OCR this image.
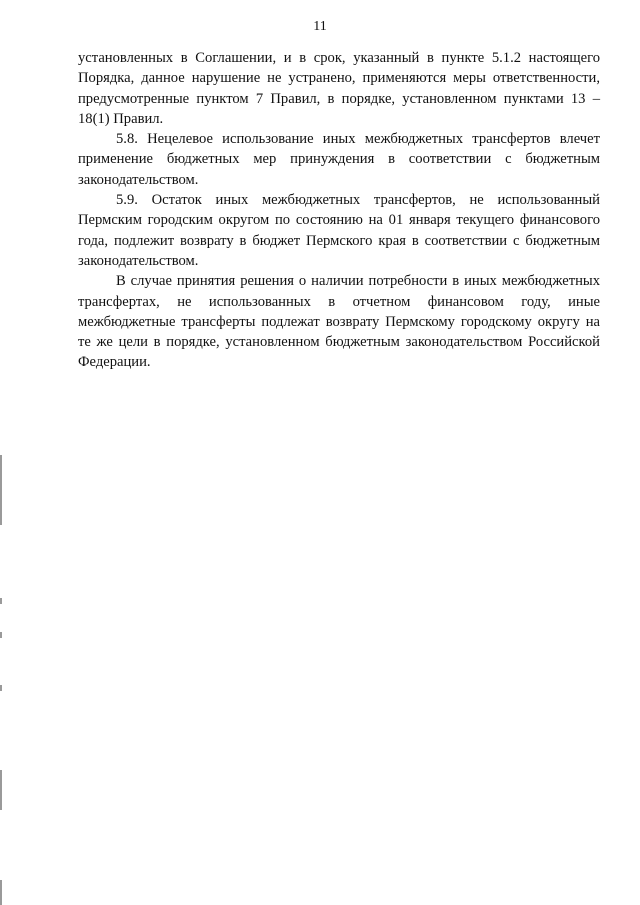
11

установленных в Соглашении, и в срок, указанный в пункте 5.1.2 настоящего Порядка, данное нарушение не устранено, применяются меры ответственности, предусмотренные пунктом 7 Правил, в порядке, установленном пунктами 13 – 18(1) Правил.

5.8. Нецелевое использование иных межбюджетных трансфертов влечет применение бюджетных мер принуждения в соответствии с бюджетным законодательством.

5.9. Остаток иных межбюджетных трансфертов, не использованный Пермским городским округом по состоянию на 01 января текущего финансового года, подлежит возврату в бюджет Пермского края в соответствии с бюджетным законодательством.

В случае принятия решения о наличии потребности в иных межбюджетных трансфертах, не использованных в отчетном финансовом году, иные межбюджетные трансферты подлежат возврату Пермскому городскому округу на те же цели в порядке, установленном бюджетным законодательством Российской Федерации.
